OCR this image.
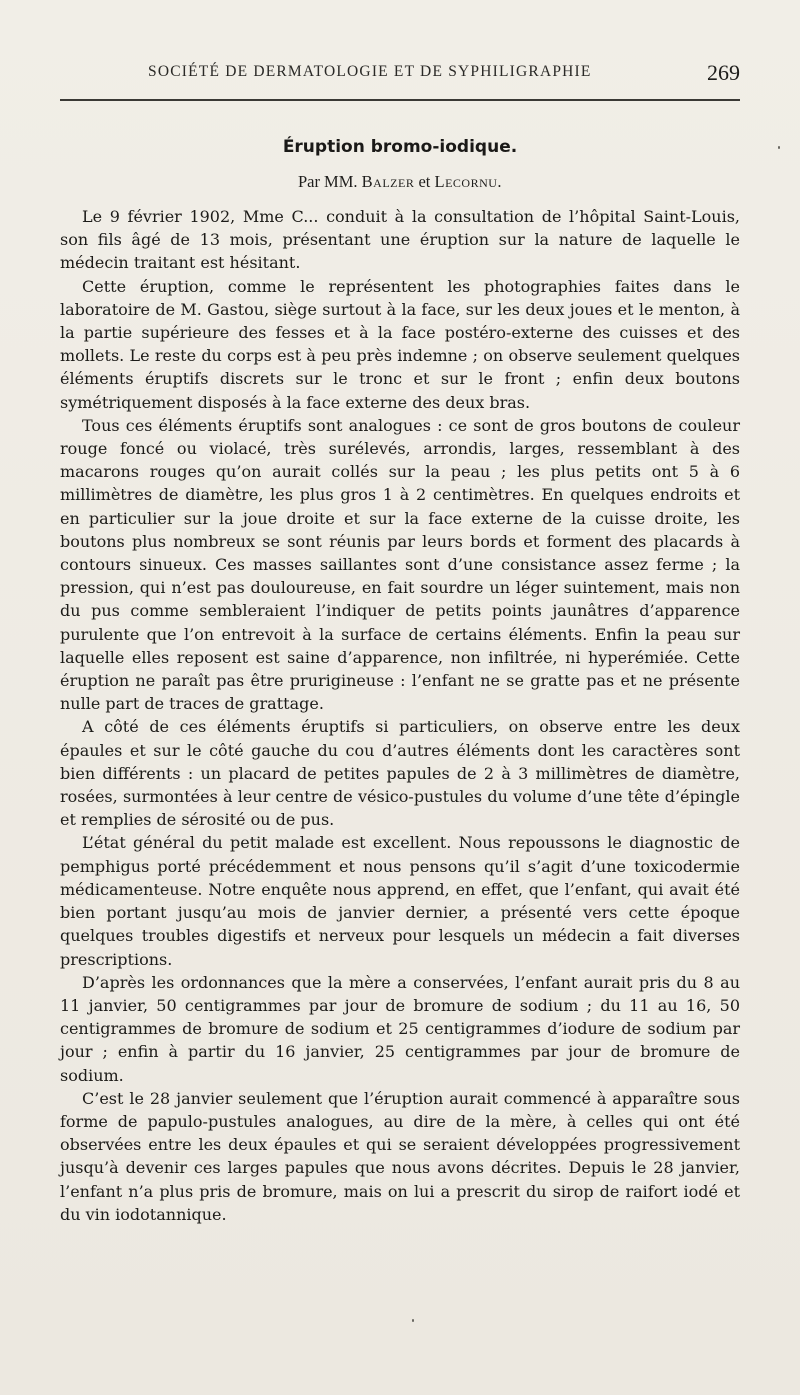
SOCIÉTÉ DE DERMATOLOGIE ET DE SYPHILIGRAPHIE	269
Éruption bromo-iodique.
Par MM. Balzer et Lecornu.

Le 9 février 1902, Mme C... conduit à la consultation de l’hôpital Saint-Louis, son fils âgé de 13 mois, présentant une éruption sur la nature de laquelle le médecin traitant est hésitant.

Cette éruption, comme le représentent les photographies faites dans le laboratoire de M. Gastou, siège surtout à la face, sur les deux joues et le menton, à la partie supérieure des fesses et à la face postéro-externe des cuisses et des mollets. Le reste du corps est à peu près indemne ; on observe seulement quelques éléments éruptifs discrets sur le tronc et sur le front ; enfin deux boutons symétriquement disposés à la face externe des deux bras.

Tous ces éléments éruptifs sont analogues : ce sont de gros boutons de couleur rouge foncé ou violacé, très surélevés, arrondis, larges, ressemblant à des macarons rouges qu’on aurait collés sur la peau ; les plus petits ont 5 à 6 millimètres de diamètre, les plus gros 1 à 2 centimètres. En quelques endroits et en particulier sur la joue droite et sur la face externe de la cuisse droite, les boutons plus nombreux se sont réunis par leurs bords et forment des placards à contours sinueux. Ces masses saillantes sont d’une consistance assez ferme ; la pression, qui n’est pas douloureuse, en fait sourdre un léger suintement, mais non du pus comme sembleraient l’indiquer de petits points jaunâtres d’apparence purulente que l’on entrevoit à la surface de certains éléments. Enfin la peau sur laquelle elles reposent est saine d’apparence, non infiltrée, ni hyperémiée. Cette éruption ne paraît pas être prurigineuse : l’enfant ne se gratte pas et ne présente nulle part de traces de grattage.

A côté de ces éléments éruptifs si particuliers, on observe entre les deux épaules et sur le côté gauche du cou d’autres éléments dont les caractères sont bien différents : un placard de petites papules de 2 à 3 millimètres de diamètre, rosées, surmontées à leur centre de vésico-pustules du volume d’une tête d’épingle et remplies de sérosité ou de pus.

L’état général du petit malade est excellent. Nous repoussons le diagnostic de pemphigus porté précédemment et nous pensons qu’il s’agit d’une toxicodermie médicamenteuse. Notre enquête nous apprend, en effet, que l’enfant, qui avait été bien portant jusqu’au mois de janvier dernier, a présenté vers cette époque quelques troubles digestifs et nerveux pour lesquels un médecin a fait diverses prescriptions.

D’après les ordonnances que la mère a conservées, l’enfant aurait pris du 8 au 11 janvier, 50 centigrammes par jour de bromure de sodium ; du 11 au 16, 50 centigrammes de bromure de sodium et 25 centigrammes d’iodure de sodium par jour ; enfin à partir du 16 janvier, 25 centigrammes par jour de bromure de sodium.

C’est le 28 janvier seulement que l’éruption aurait commencé à apparaître sous forme de papulo-pustules analogues, au dire de la mère, à celles qui ont été observées entre les deux épaules et qui se seraient développées progressivement jusqu’à devenir ces larges papules que nous avons décrites. Depuis le 28 janvier, l’enfant n’a plus pris de bromure, mais on lui a prescrit du sirop de raifort iodé et du vin iodotannique.
